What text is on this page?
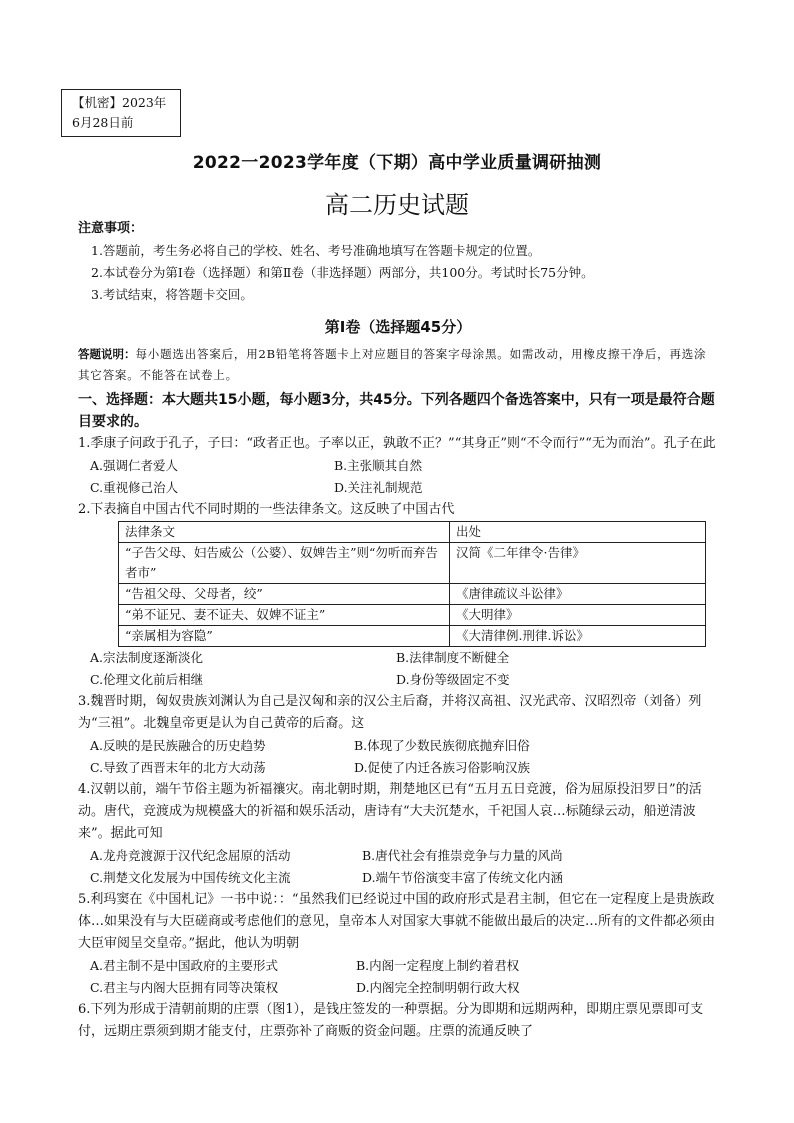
【机密】2023年
6月28日前
2022一2023学年度（下期）高中学业质量调研抽测
高二历史试题
注意事项：
1.答题前，考生务必将自己的学校、姓名、考号准确地填写在答题卡规定的位置。
2.本试卷分为第Ⅰ卷（选择题）和第Ⅱ卷（非选择题）两部分，共100分。考试时长75分钟。
3.考试结束，将答题卡交回。
第Ⅰ卷（选择题45分）
答题说明：每小题选出答案后，用2B铅笔将答题卡上对应题目的答案字母涂黑。如需改动，用橡皮擦干净后，再选涂其它答案。不能答在试卷上。
一、选择题：本大题共15小题，每小题3分，共45分。下列各题四个备选答案中，只有一项是最符合题目要求的。
1.季康子问政于孔子，子曰：“政者正也。子率以正，孰敢不正？”“其身正”则“不令而行”“无为而治”。孔子在此
A.强调仁者爱人	B.主张顺其自然
C.重视修己治人	D.关注礼制规范
2.下表摘自中国古代不同时期的一些法律条文。这反映了中国古代
法律条文	出处
“子告父母、妇告威公（公婆）、奴婢告主”则“勿听而弃告者市”	汉简《二年律令·告律》
“告祖父母、父母者，绞”	《唐律疏议斗讼律》
“弟不证兄、妻不证夫、奴婢不证主”	《大明律》
“亲属相为容隐”	《大清律例.刑律.诉讼》
A.宗法制度逐渐淡化	B.法律制度不断健全
C.伦理文化前后相继	D.身份等级固定不变
3.魏晋时期，匈奴贵族刘渊认为自己是汉匈和亲的汉公主后裔，并将汉高祖、汉光武帝、汉昭烈帝（刘备）列为“三祖”。北魏皇帝更是认为自己黄帝的后裔。这
A.反映的是民族融合的历史趋势	B.体现了少数民族彻底抛弃旧俗
C.导致了西晋末年的北方大动荡	D.促使了内迁各族习俗影响汉族
4.汉朝以前，端午节俗主题为祈福禳灾。南北朝时期，荆楚地区已有“五月五日竞渡，俗为屈原投汨罗日”的活动。唐代，竞渡成为规模盛大的祈福和娱乐活动，唐诗有“大夫沉楚水，千祀国人哀…标随绿云动，船逆清波来”。据此可知
A.龙舟竞渡源于汉代纪念屈原的活动	B.唐代社会有推崇竞争与力量的风尚
C.荆楚文化发展为中国传统文化主流	D.端午节俗演变丰富了传统文化内涵
5.利玛窦在《中国札记》一书中说：：“虽然我们已经说过中国的政府形式是君主制，但它在一定程度上是贵族政体…如果没有与大臣磋商或考虑他们的意见，皇帝本人对国家大事就不能做出最后的决定…所有的文件都必须由大臣审阅呈交皇帝。”据此，他认为明朝
A.君主制不是中国政府的主要形式	B.内阁一定程度上制约着君权
C.君主与内阁大臣拥有同等决策权	D.内阁完全控制明朝行政大权
6.下列为形成于清朝前期的庄票（图1），是钱庄签发的一种票据。分为即期和远期两种，即期庄票见票即可支付，远期庄票须到期才能支付，庄票弥补了商贩的资金问题。庄票的流通反映了
